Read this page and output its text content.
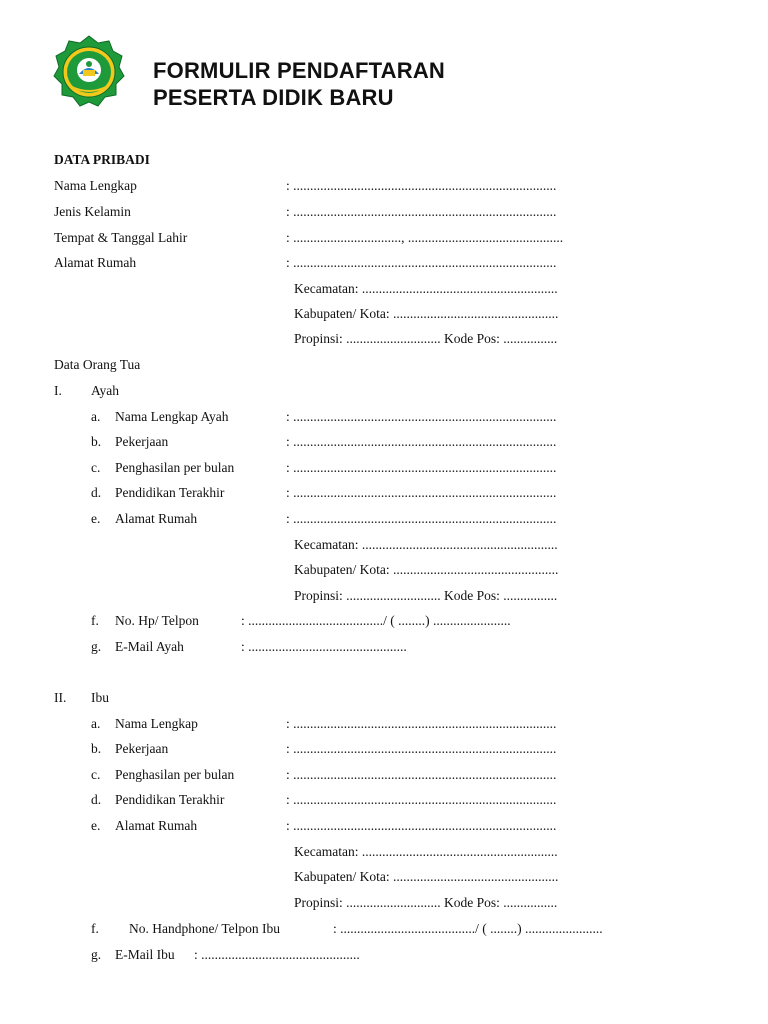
FORMULIR PENDAFTARAN
PESERTA DIDIK BARU
DATA PRIBADI
Nama Lengkap	: ..............................................................................
Jenis Kelamin	: ..............................................................................
Tempat & Tanggal Lahir	: ................................, ..............................................
Alamat Rumah	: ..............................................................................
Kecamatan: ..........................................................
Kabupaten/ Kota: .................................................
Propinsi: ............................ Kode Pos: ................
Data Orang Tua
I. Ayah
a. Nama Lengkap Ayah	: ..............................................................................
b. Pekerjaan	: ..............................................................................
c. Penghasilan per bulan	: ..............................................................................
d. Pendidikan Terakhir	: ..............................................................................
e. Alamat Rumah	: ..............................................................................
Kecamatan: ..........................................................
Kabupaten/ Kota: .................................................
Propinsi: ............................ Kode Pos: ................
f. No. Hp/ Telpon	: ......................................../ ( ........) .......................
g. E-Mail Ayah	: ...............................................
II. Ibu
a. Nama Lengkap	: ..............................................................................
b. Pekerjaan	: ..............................................................................
c. Penghasilan per bulan	: ..............................................................................
d. Pendidikan Terakhir	: ..............................................................................
e. Alamat Rumah	: ..............................................................................
Kecamatan: ..........................................................
Kabupaten/ Kota: .................................................
Propinsi: ............................ Kode Pos: ................
f. No. Handphone/ Telpon Ibu	: ......................................../ ( ........) .......................
g. E-Mail Ibu : ...............................................
